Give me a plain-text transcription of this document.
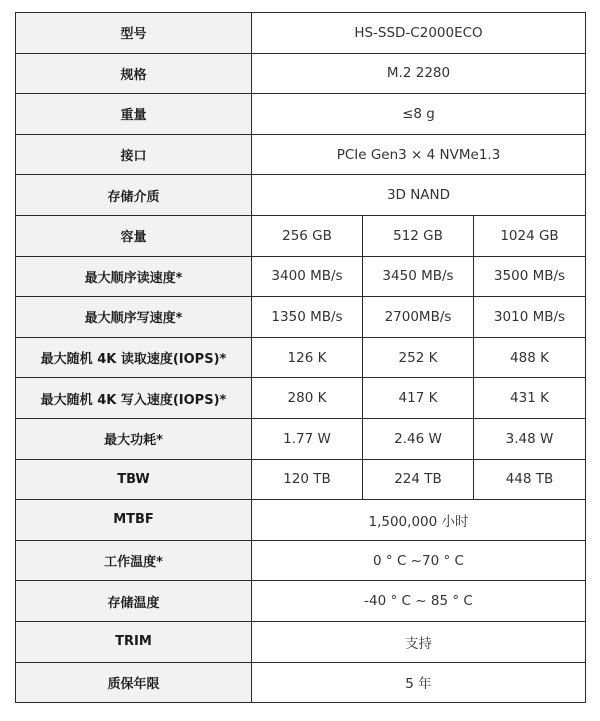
型号	HS-SSD-C2000ECO		
规格	M.2 2280		
重量	≤8 g		
接口	PCIe Gen3 × 4 NVMe1.3		
存储介质	3D NAND		
容量	256 GB	512 GB	1024 GB
最大顺序读速度*	3400 MB/s	3450 MB/s	3500 MB/s
最大顺序写速度*	1350 MB/s	2700MB/s	3010 MB/s
最大随机 4K 读取速度(IOPS)*	126 K	252 K	488 K
最大随机 4K 写入速度(IOPS)*	280 K	417 K	431 K
最大功耗*	1.77 W	2.46 W	3.48 W
TBW	120 TB	224 TB	448 TB
MTBF	1,500,000 小时		
工作温度*	0 ° C ~70 ° C		
存储温度	-40 ° C ~ 85 ° C		
TRIM	支持		
质保年限	5 年		
